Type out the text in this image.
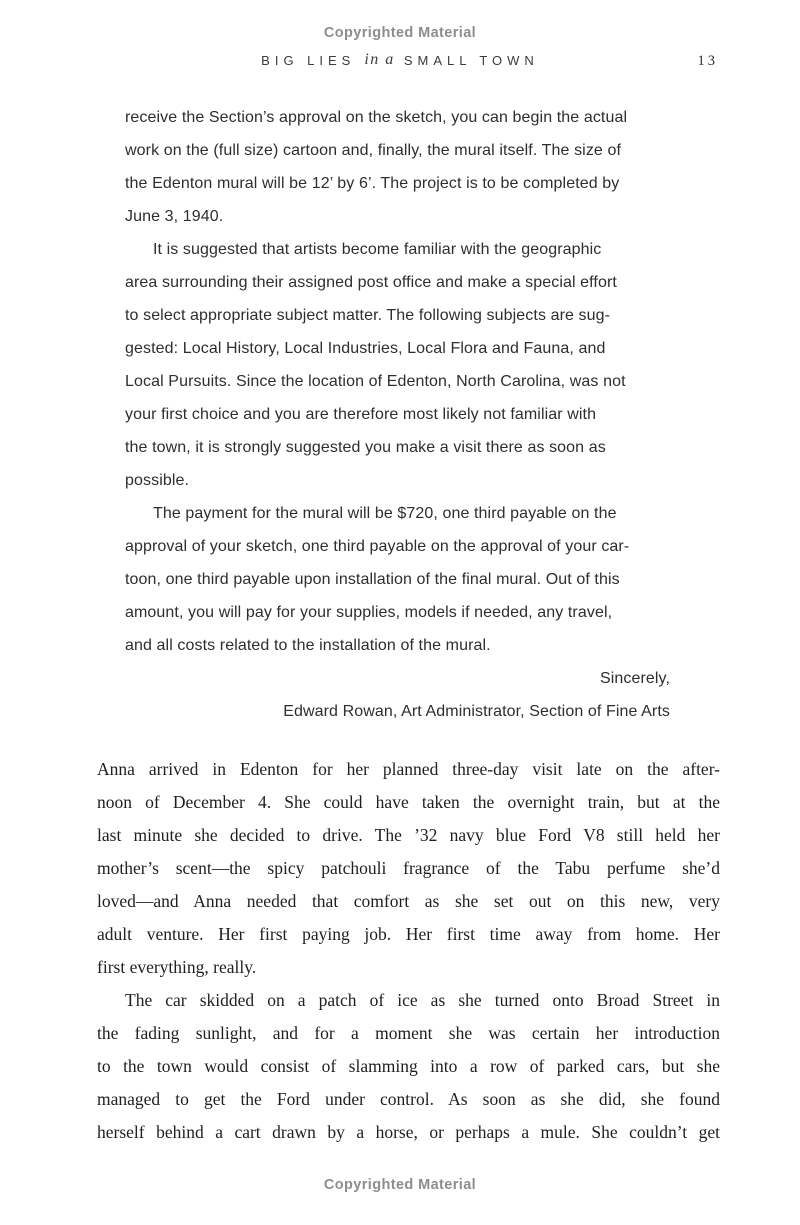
Copyrighted Material
BIG LIES in a SMALL TOWN	13
receive the Section’s approval on the sketch, you can begin the actual
work on the (full size) cartoon and, finally, the mural itself. The size of
the Edenton mural will be 12’ by 6’. The project is to be completed by
June 3, 1940.
It is suggested that artists become familiar with the geographic
area surrounding their assigned post office and make a special effort
to select appropriate subject matter. The following subjects are sug-
gested: Local History, Local Industries, Local Flora and Fauna, and
Local Pursuits. Since the location of Edenton, North Carolina, was not
your first choice and you are therefore most likely not familiar with
the town, it is strongly suggested you make a visit there as soon as
possible.
The payment for the mural will be $720, one third payable on the
approval of your sketch, one third payable on the approval of your car-
toon, one third payable upon installation of the final mural. Out of this
amount, you will pay for your supplies, models if needed, any travel,
and all costs related to the installation of the mural.
Sincerely,
Edward Rowan, Art Administrator, Section of Fine Arts
Anna arrived in Edenton for her planned three-day visit late on the after-
noon of December 4. She could have taken the overnight train, but at the
last minute she decided to drive. The ’32 navy blue Ford V8 still held her
mother’s scent—the spicy patchouli fragrance of the Tabu perfume she’d
loved—and Anna needed that comfort as she set out on this new, very
adult venture. Her first paying job. Her first time away from home. Her
first everything, really.
The car skidded on a patch of ice as she turned onto Broad Street in
the fading sunlight, and for a moment she was certain her introduction
to the town would consist of slamming into a row of parked cars, but she
managed to get the Ford under control. As soon as she did, she found
herself behind a cart drawn by a horse, or perhaps a mule. She couldn’t get
Copyrighted Material
